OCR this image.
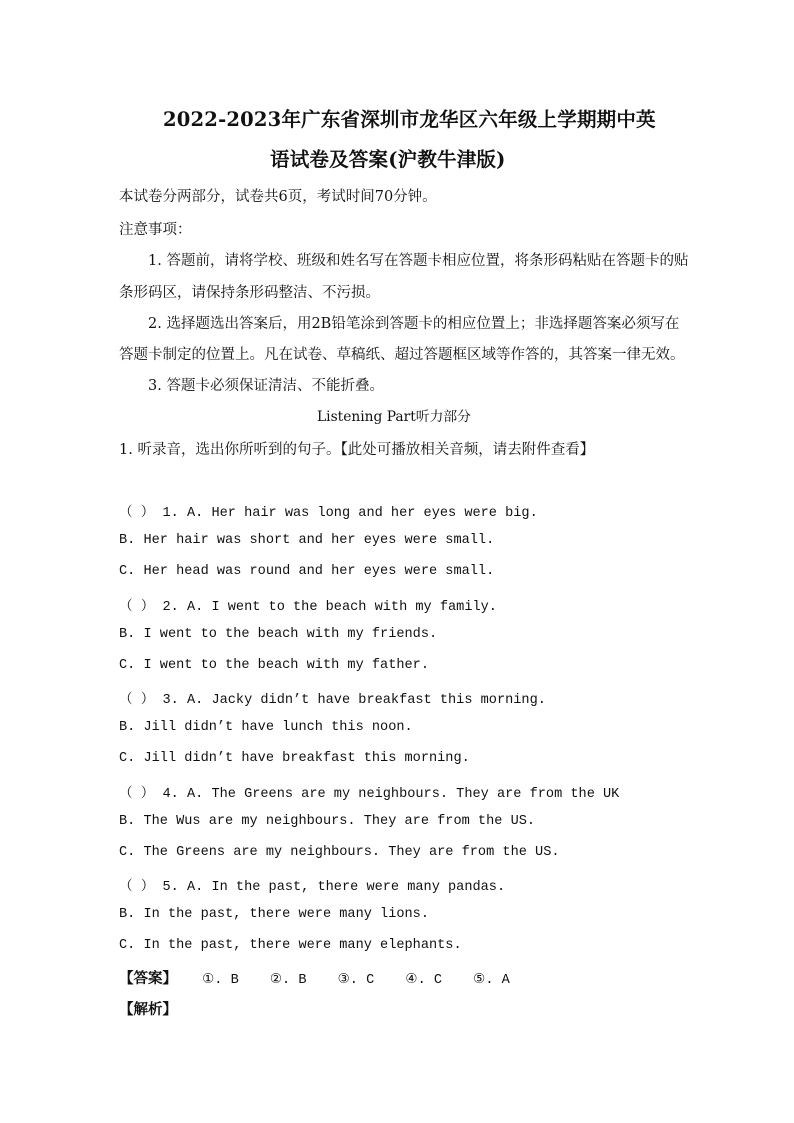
2022-2023年广东省深圳市龙华区六年级上学期期中英
语试卷及答案(沪教牛津版)
本试卷分两部分，试卷共6页，考试时间70分钟。
注意事项：
1. 答题前，请将学校、班级和姓名写在答题卡相应位置，将条形码粘贴在答题卡的贴
条形码区，请保持条形码整洁、不污损。
2. 选择题选出答案后，用2B铅笔涂到答题卡的相应位置上；非选择题答案必须写在
答题卡制定的位置上。凡在试卷、草稿纸、超过答题框区域等作答的，其答案一律无效。
3. 答题卡必须保证清洁、不能折叠。
Listening Part听力部分
1. 听录音，选出你所听到的句子。【此处可播放相关音频，请去附件查看】
（ ） 1. A. Her hair was long and her eyes were big.
B. Her hair was short and her eyes were small.
C. Her head was round and her eyes were small.
（ ） 2. A. I went to the beach with my family.
B. I went to the beach with my friends.
C. I went to the beach with my father.
（ ） 3. A. Jacky didn’t have breakfast this morning.
B. Jill didn’t have lunch this noon.
C. Jill didn’t have breakfast this morning.
（ ） 4. A. The Greens are my neighbours. They are from the UK
B. The Wus are my neighbours. They are from the US.
C. The Greens are my neighbours. They are from the US.
（ ） 5. A. In the past, there were many pandas.
B. In the past, there were many lions.
C. In the past, there were many elephants.
【答案】 ①. B ②. B ③. C ④. C ⑤. A
【解析】
